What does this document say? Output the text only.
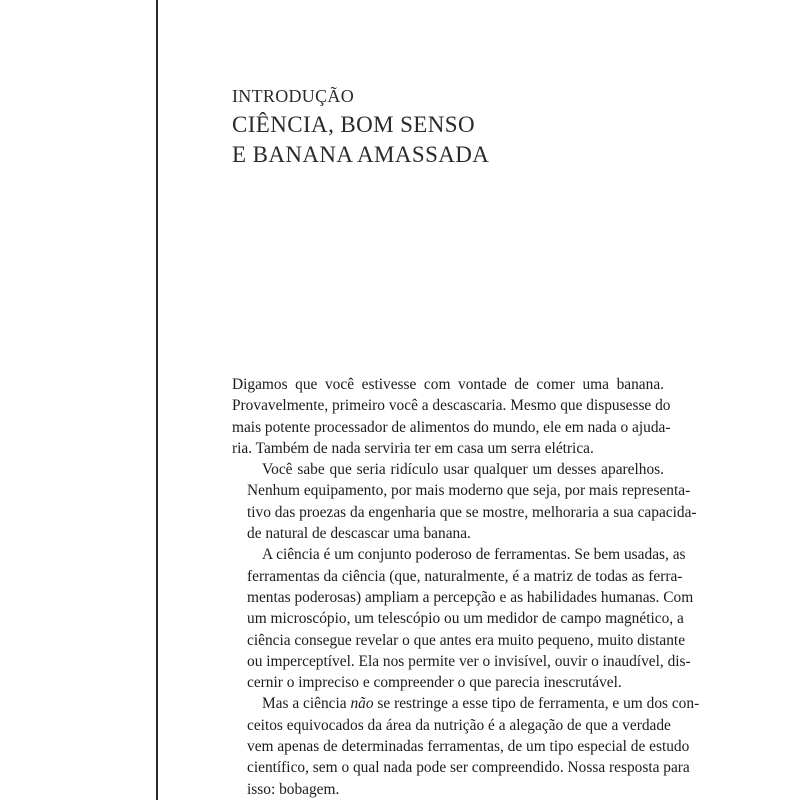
INTRODUÇÃO
CIÊNCIA, BOM SENSO
E BANANA AMASSADA

Digamos que você estivesse com vontade de comer uma banana.
Provavelmente, primeiro você a descascaria. Mesmo que dispusesse do
mais potente processador de alimentos do mundo, ele em nada o ajuda-
ria. Também de nada serviria ter em casa um serra elétrica.

Você sabe que seria ridículo usar qualquer um desses aparelhos.
Nenhum equipamento, por mais moderno que seja, por mais representa-
tivo das proezas da engenharia que se mostre, melhoraria a sua capacida-
de natural de descascar uma banana.

A ciência é um conjunto poderoso de ferramentas. Se bem usadas, as
ferramentas da ciência (que, naturalmente, é a matriz de todas as ferra-
mentas poderosas) ampliam a percepção e as habilidades humanas. Com
um microscópio, um telescópio ou um medidor de campo magnético, a
ciência consegue revelar o que antes era muito pequeno, muito distante
ou imperceptível. Ela nos permite ver o invisível, ouvir o inaudível, dis-
cernir o impreciso e compreender o que parecia inescrutável.

Mas a ciência não se restringe a esse tipo de ferramenta, e um dos con-
ceitos equivocados da área da nutrição é a alegação de que a verdade
vem apenas de determinadas ferramentas, de um tipo especial de estudo
científico, sem o qual nada pode ser compreendido. Nossa resposta para
isso: bobagem.
